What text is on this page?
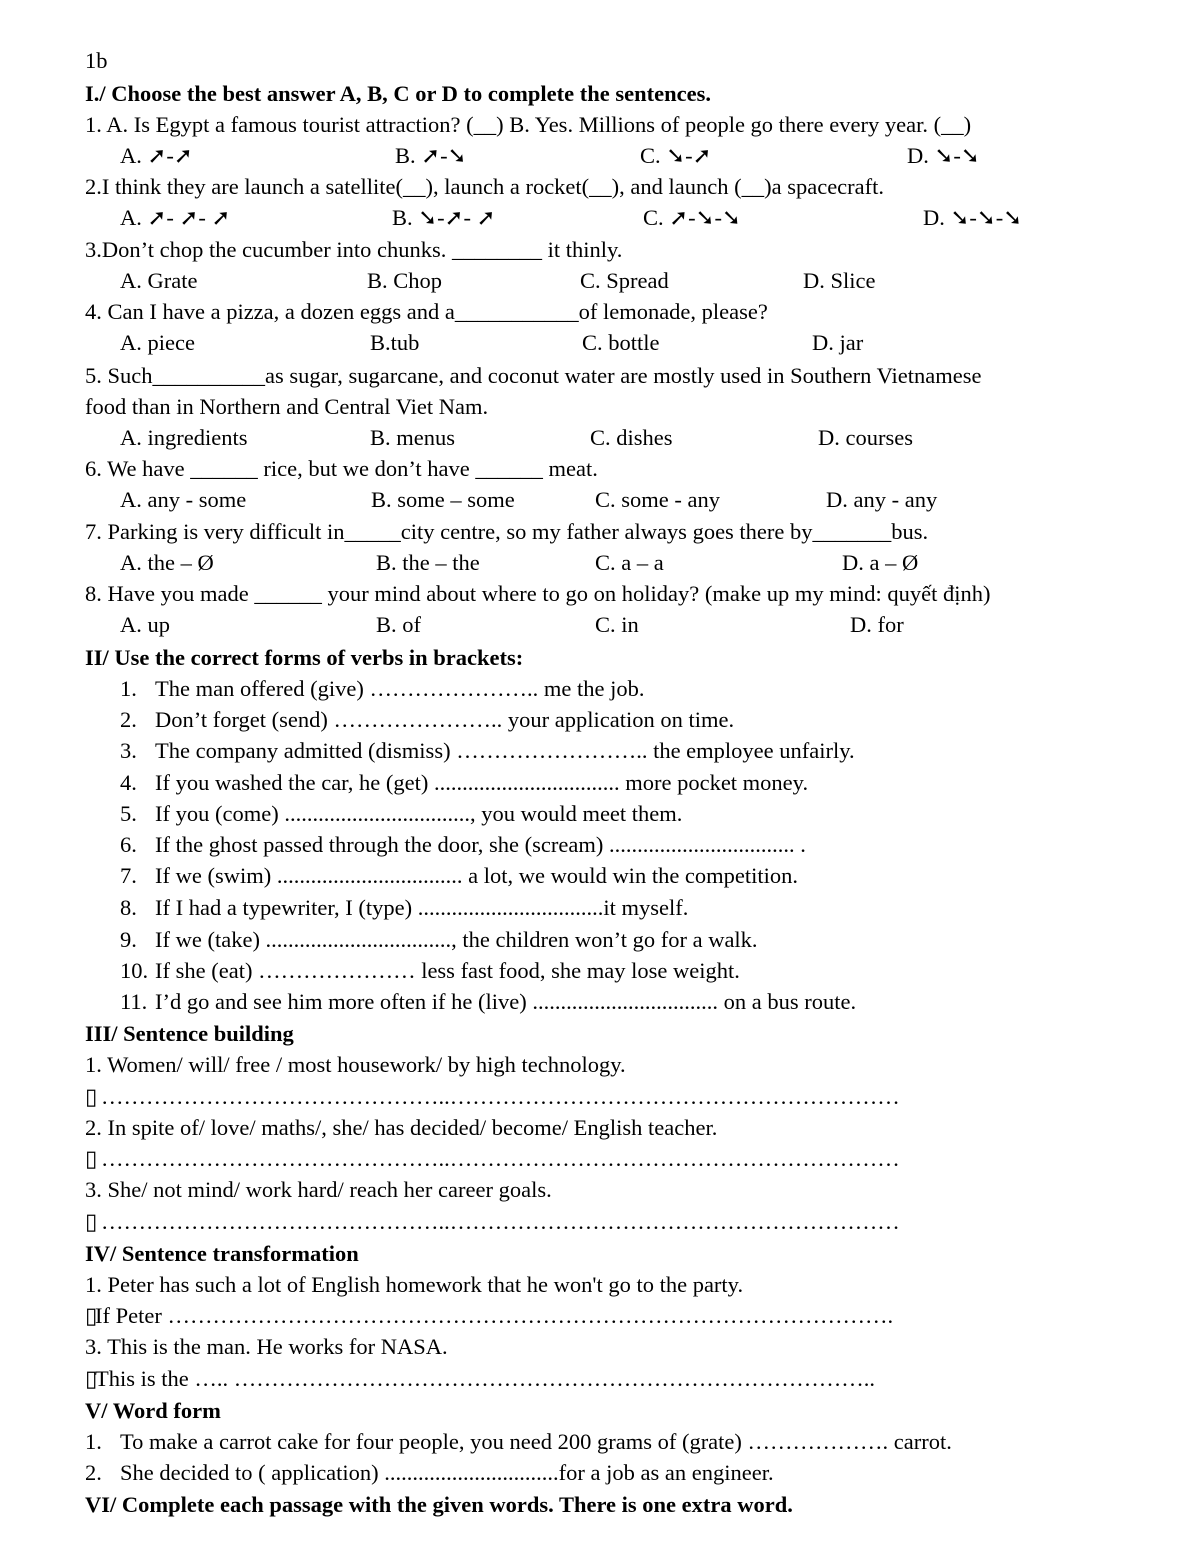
1b
I./ Choose the best answer A, B, C or D to complete the sentences.
1. A. Is Egypt a famous tourist attraction? (__) B. Yes. Millions of people go there every year. (__)
A. ➚-➚	B. ➚-➘	C. ➘-➚	D. ➘-➘
2.I think they are launch a satellite(__), launch a rocket(__), and launch (__)a spacecraft.
A. ➚- ➚- ➚	B. ➘-➚- ➚	C. ➚-➘-➘	D. ➘-➘-➘
3.Don’t chop the cucumber into chunks. ________ it thinly.
A. Grate	B. Chop	C. Spread	D. Slice
4. Can I have a pizza, a dozen eggs and a___________of lemonade, please?
A. piece	B.tub	C. bottle	D. jar
5. Such__________as sugar, sugarcane, and coconut water are mostly used in Southern Vietnamese
food than in Northern and Central Viet Nam.
A. ingredients	B. menus	C. dishes	D. courses
6. We have ______ rice, but we don’t have ______ meat.
A. any - some	B. some – some	C. some - any	D. any - any
7. Parking is very difficult in_____city centre, so my father always goes there by_______bus.
A. the – Ø	B. the – the	C. a – a	D. a – Ø
8. Have you made ______ your mind about where to go on holiday? (make up my mind: quyết định)
A. up	B. of	C. in	D. for
II/ Use the correct forms of verbs in brackets:
1. The man offered (give) ………………….. me the job.
2. Don’t forget (send) ………………….. your application on time.
3. The company admitted (dismiss) …………………….. the employee unfairly.
4. If you washed the car, he (get) ................................. more pocket money.
5. If you (come) ................................., you would meet them.
6. If the ghost passed through the door, she (scream) ................................. .
7. If we (swim) ................................. a lot, we would win the competition.
8. If I had a typewriter, I (type) .................................it myself.
9. If we (take) ................................., the children won’t go for a walk.
10. If she (eat) ………………… less fast food, she may lose weight.
11. I’d go and see him more often if he (live) ................................. on a bus route.
III/ Sentence building
1. Women/ will/ free / most housework/ by high technology.
▯ ………………………………………..……………………………………………………
2. In spite of/ love/ maths/, she/ has decided/ become/ English teacher.
▯ ………………………………………..……………………………………………………
3. She/ not mind/ work hard/ reach her career goals.
▯ ………………………………………..……………………………………………………
IV/ Sentence transformation
1. Peter has such a lot of English homework that he won't go to the party.
▯
If Peter …………………………………………………………………………………….
3. This is the man. He works for NASA.
▯
This is the ….. …………………………………………………………………………..
V/ Word form
1. To make a carrot cake for four people, you need 200 grams of (grate) ………………. carrot.
2. She decided to ( application) ...............................for a job as an engineer.
VI/ Complete each passage with the given words. There is one extra word.
